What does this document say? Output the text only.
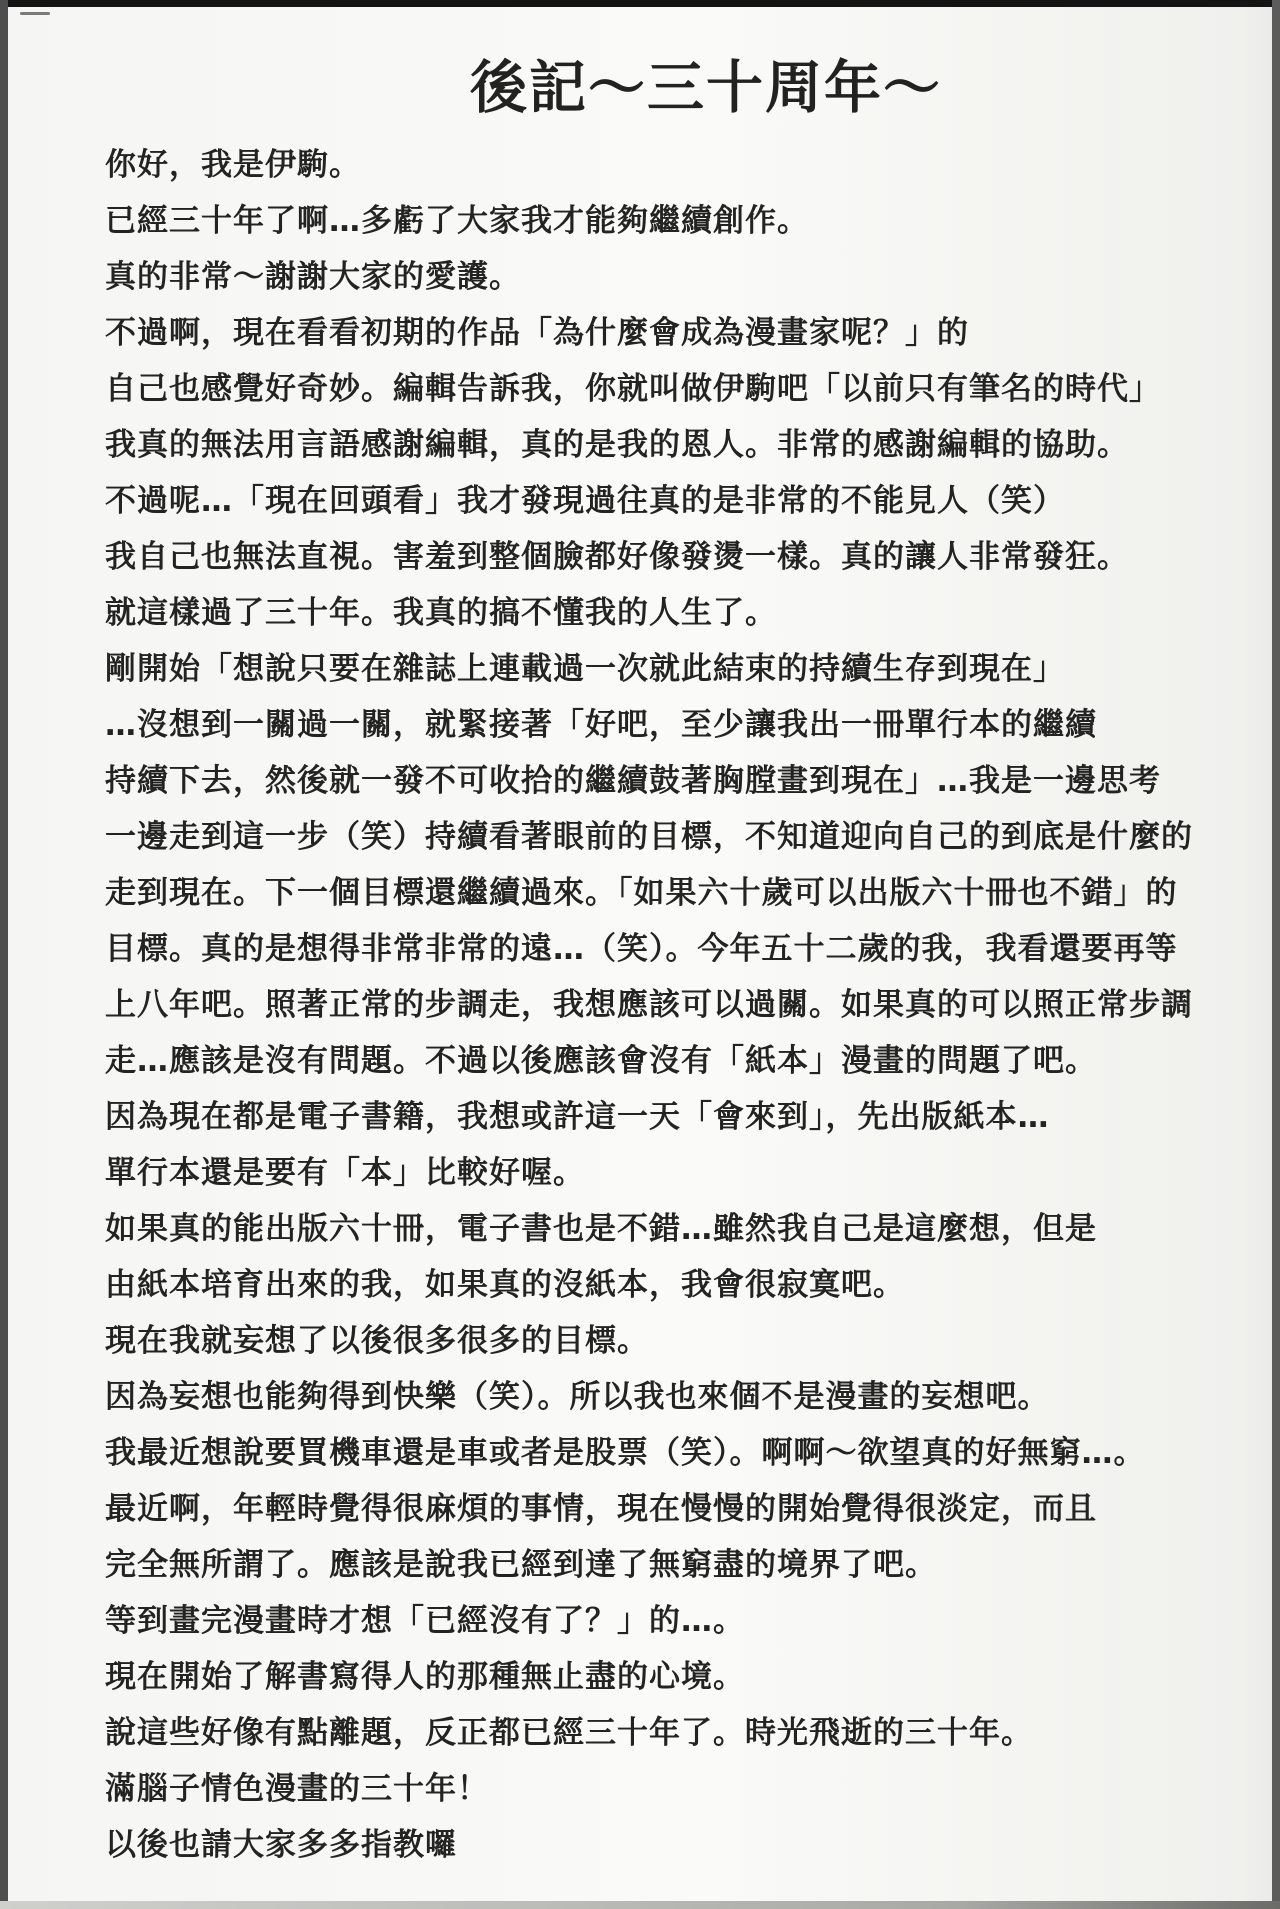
後記～三十周年～

你好，我是伊駒。

已經三十年了啊…多虧了大家我才能夠繼續創作。

真的非常～謝謝大家的愛護。

不過啊，現在看看初期的作品「為什麼會成為漫畫家呢？」的

自己也感覺好奇妙。編輯告訴我，你就叫做伊駒吧「以前只有筆名的時代」

我真的無法用言語感謝編輯，真的是我的恩人。非常的感謝編輯的協助。

不過呢…「現在回頭看」我才發現過往真的是非常的不能見人（笑）

我自己也無法直視。害羞到整個臉都好像發燙一樣。真的讓人非常發狂。

就這樣過了三十年。我真的搞不懂我的人生了。

剛開始「想說只要在雜誌上連載過一次就此結束的持續生存到現在」

…沒想到一關過一關，就緊接著「好吧，至少讓我出一冊單行本的繼續

持續下去，然後就一發不可收拾的繼續鼓著胸膛畫到現在」…我是一邊思考

一邊走到這一步（笑）持續看著眼前的目標，不知道迎向自己的到底是什麼的

走到現在。下一個目標還繼續過來。「如果六十歲可以出版六十冊也不錯」的

目標。真的是想得非常非常的遠…（笑）。今年五十二歲的我，我看還要再等

上八年吧。照著正常的步調走，我想應該可以過關。如果真的可以照正常步調

走…應該是沒有問題。不過以後應該會沒有「紙本」漫畫的問題了吧。

因為現在都是電子書籍，我想或許這一天「會來到」，先出版紙本…

單行本還是要有「本」比較好喔。

如果真的能出版六十冊，電子書也是不錯…雖然我自己是這麼想，但是

由紙本培育出來的我，如果真的沒紙本，我會很寂寞吧。

現在我就妄想了以後很多很多的目標。

因為妄想也能夠得到快樂（笑）。所以我也來個不是漫畫的妄想吧。

我最近想說要買機車還是車或者是股票（笑）。啊啊～欲望真的好無窮…。

最近啊，年輕時覺得很麻煩的事情，現在慢慢的開始覺得很淡定，而且

完全無所謂了。應該是說我已經到達了無窮盡的境界了吧。

等到畫完漫畫時才想「已經沒有了？」的…。

現在開始了解書寫得人的那種無止盡的心境。

說這些好像有點離題，反正都已經三十年了。時光飛逝的三十年。

滿腦子情色漫畫的三十年！

以後也請大家多多指教囉
